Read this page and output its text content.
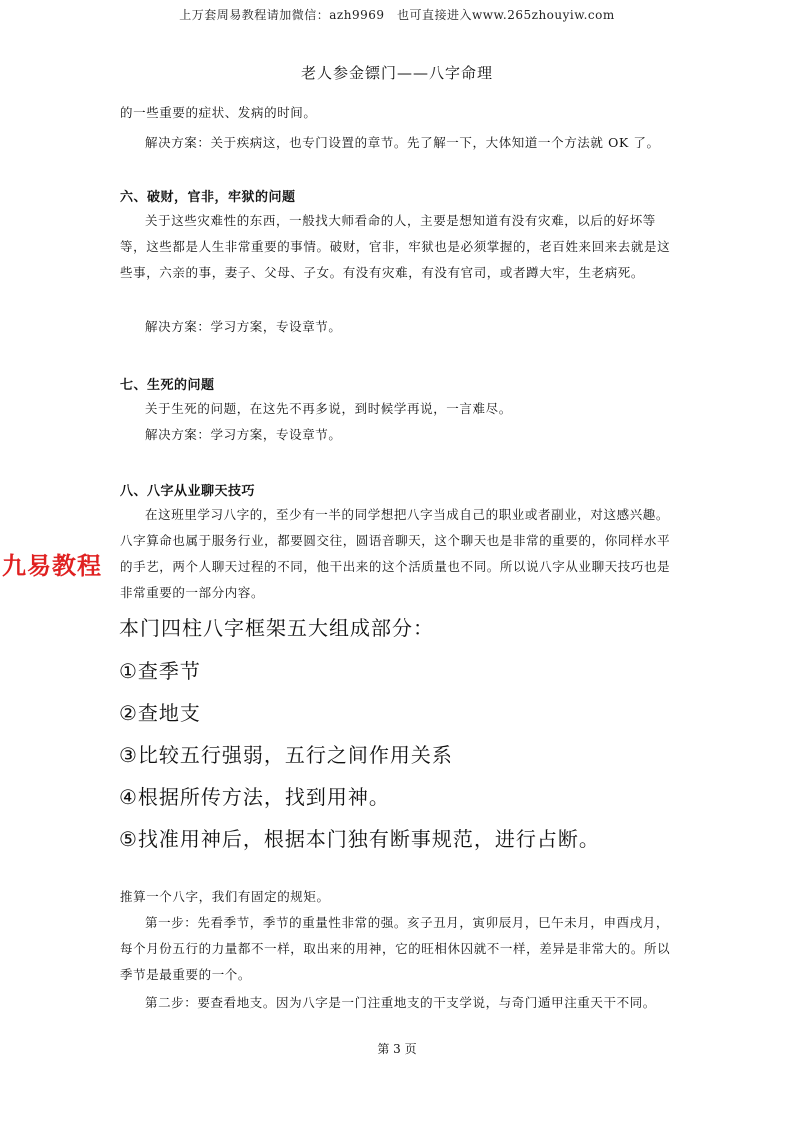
上万套周易教程请加微信：azh9969　也可直接进入www.265zhouyiw.com
老人参金镖门——八字命理

的一些重要的症状、发病的时间。

解决方案：关于疾病这，也专门设置的章节。先了解一下，大体知道一个方法就 OK 了。

六、破财，官非，牢狱的问题

关于这些灾难性的东西，一般找大师看命的人，主要是想知道有没有灾难，以后的好坏等等，这些都是人生非常重要的事情。破财，官非，牢狱也是必须掌握的，老百姓来回来去就是这些事，六亲的事，妻子、父母、子女。有没有灾难，有没有官司，或者蹲大牢，生老病死。

解决方案：学习方案，专设章节。

七、生死的问题

关于生死的问题，在这先不再多说，到时候学再说，一言难尽。

解决方案：学习方案，专设章节。

八、八字从业聊天技巧

在这班里学习八字的，至少有一半的同学想把八字当成自己的职业或者副业，对这感兴趣。八字算命也属于服务行业，都要圆交往，圆语音聊天，这个聊天也是非常的重要的，你同样水平的手艺，两个人聊天过程的不同，他干出来的这个活质量也不同。所以说八字从业聊天技巧也是非常重要的一部分内容。

九易教程
本门四柱八字框架五大组成部分：
①查季节
②查地支
③比较五行强弱，五行之间作用关系
④根据所传方法，找到用神。
⑤找准用神后，根据本门独有断事规范，进行占断。

推算一个八字，我们有固定的规矩。

第一步：先看季节，季节的重量性非常的强。亥子丑月，寅卯辰月，巳午未月，申酉戌月，每个月份五行的力量都不一样，取出来的用神，它的旺相休囚就不一样，差异是非常大的。所以季节是最重要的一个。

第二步：要查看地支。因为八字是一门注重地支的干支学说，与奇门遁甲注重天干不同。

第 3 页
